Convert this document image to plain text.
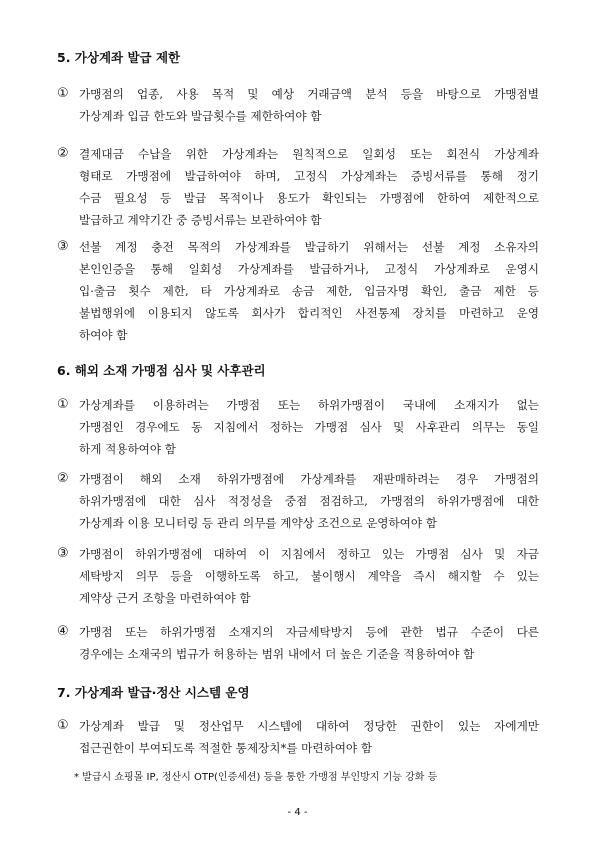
5. 가상계좌 발급 제한
① 가맹점의 업종, 사용 목적 및 예상 거래금액 분석 등을 바탕으로 가맹점별
가상계좌 입금 한도와 발급횟수를 제한하여야 함
② 결제대금 수납을 위한 가상계좌는 원칙적으로 일회성 또는 회전식 가상계좌
형태로 가맹점에 발급하여야 하며, 고정식 가상계좌는 증빙서류를 통해 정기
수금 필요성 등 발급 목적이나 용도가 확인되는 가맹점에 한하여 제한적으로
발급하고 계약기간 중 증빙서류는 보관하여야 함
③ 선불 계정 충전 목적의 가상계좌를 발급하기 위해서는 선불 계정 소유자의
본인인증을 통해 일회성 가상계좌를 발급하거나, 고정식 가상계좌로 운영시
입·출금 횟수 제한, 타 가상계좌로 송금 제한, 입금자명 확인, 출금 제한 등
불법행위에 이용되지 않도록 회사가 합리적인 사전통제 장치를 마련하고 운영
하여야 함
6. 해외 소재 가맹점 심사 및 사후관리
① 가상계좌를 이용하려는 가맹점 또는 하위가맹점이 국내에 소재지가 없는
가맹점인 경우에도 동 지침에서 정하는 가맹점 심사 및 사후관리 의무는 동일
하게 적용하여야 함
② 가맹점이 해외 소재 하위가맹점에 가상계좌를 재판매하려는 경우 가맹점의
하위가맹점에 대한 심사 적정성을 중점 점검하고, 가맹점의 하위가맹점에 대한
가상계좌 이용 모니터링 등 관리 의무를 계약상 조건으로 운영하여야 함
③ 가맹점이 하위가맹점에 대하여 이 지침에서 정하고 있는 가맹점 심사 및 자금
세탁방지 의무 등을 이행하도록 하고, 불이행시 계약을 즉시 해지할 수 있는
계약상 근거 조항을 마련하여야 함
④ 가맹점 또는 하위가맹점 소재지의 자금세탁방지 등에 관한 법규 수준이 다른
경우에는 소재국의 법규가 허용하는 범위 내에서 더 높은 기준을 적용하여야 함
7. 가상계좌 발급·정산 시스템 운영
① 가상계좌 발급 및 정산업무 시스템에 대하여 정당한 권한이 있는 자에게만
접근권한이 부여되도록 적절한 통제장치*를 마련하여야 함
* 발급시 쇼핑몰 IP, 정산시 OTP(인증세션) 등을 통한 가맹점 부인방지 기능 강화 등
- 4 -
